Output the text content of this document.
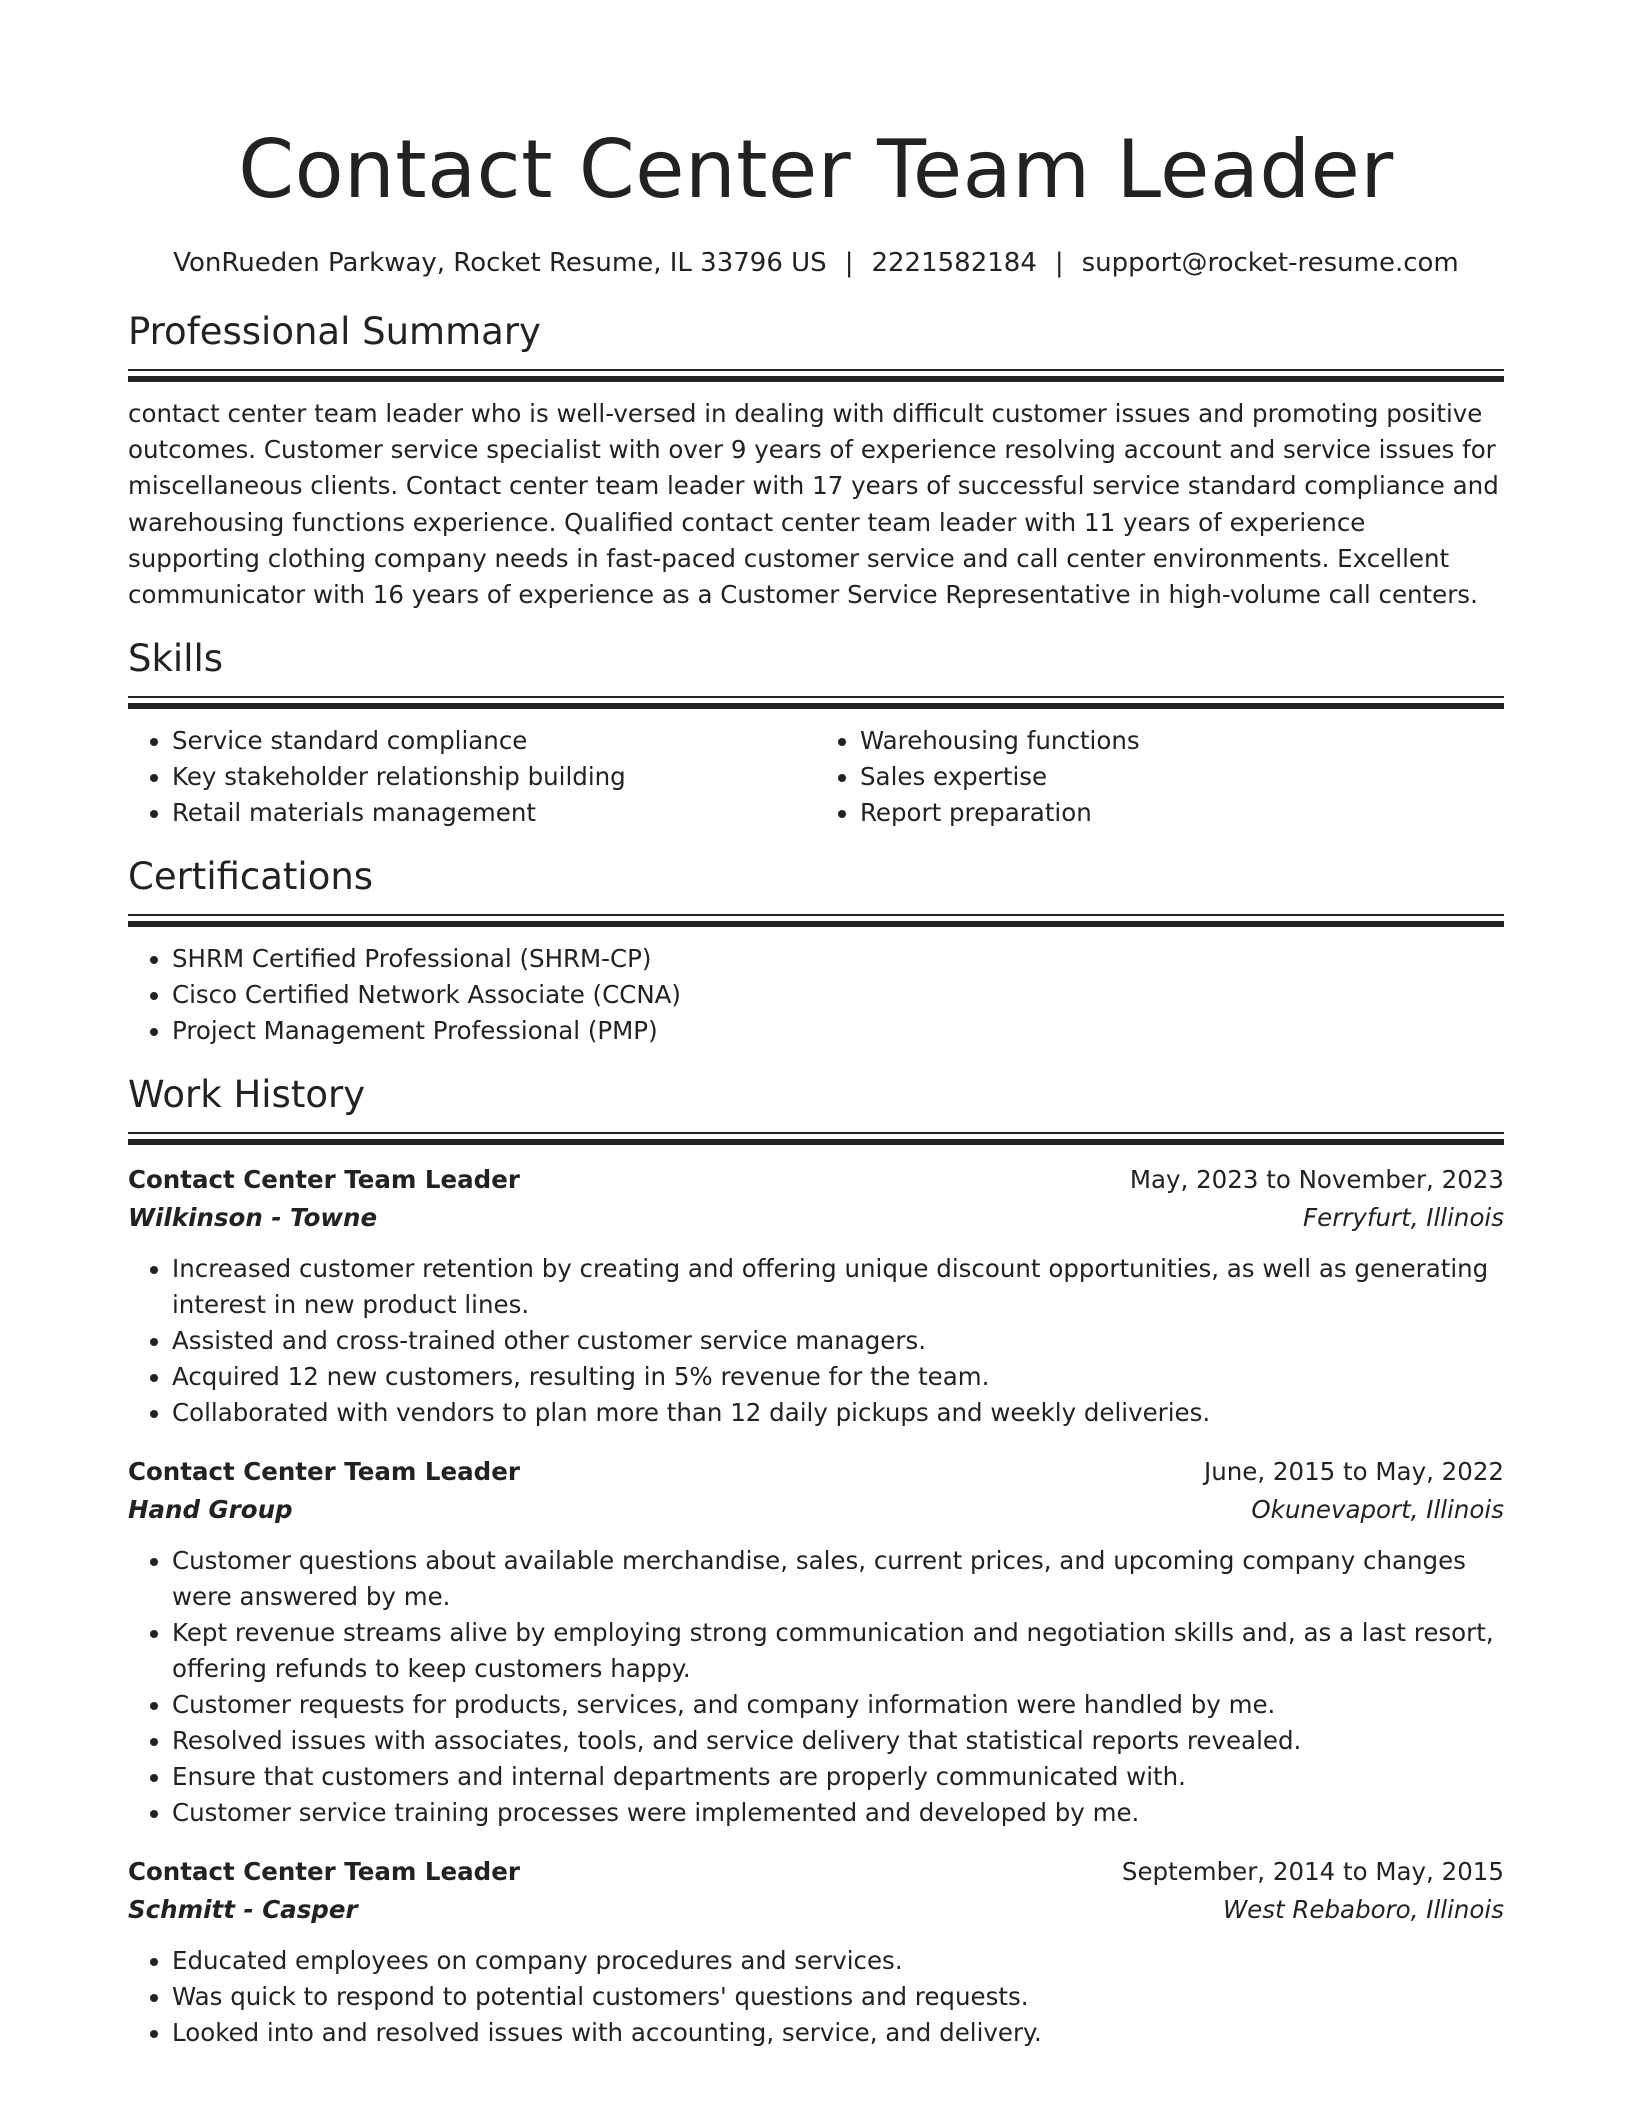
Contact Center Team Leader
VonRueden Parkway, Rocket Resume, IL 33796 US | 2221582184 | support@rocket-resume.com
Professional Summary

contact center team leader who is well-versed in dealing with difficult customer issues and promoting positive outcomes. Customer service specialist with over 9 years of experience resolving account and service issues for miscellaneous clients. Contact center team leader with 17 years of successful service standard compliance and warehousing functions experience. Qualified contact center team leader with 11 years of experience supporting clothing company needs in fast-paced customer service and call center environments. Excellent communicator with 16 years of experience as a Customer Service Representative in high-volume call centers.

Skills
• Service standard compliance
• Key stakeholder relationship building
• Retail materials management
• Warehousing functions
• Sales expertise
• Report preparation
Certifications
• SHRM Certified Professional (SHRM-CP)
• Cisco Certified Network Associate (CCNA)
• Project Management Professional (PMP)
Work History
Contact Center Team Leader	May, 2023 to November, 2023
Wilkinson - Towne	Ferryfurt, Illinois
• Increased customer retention by creating and offering unique discount opportunities, as well as generating interest in new product lines.
• Assisted and cross-trained other customer service managers.
• Acquired 12 new customers, resulting in 5% revenue for the team.
• Collaborated with vendors to plan more than 12 daily pickups and weekly deliveries.
Contact Center Team Leader	June, 2015 to May, 2022
Hand Group	Okunevaport, Illinois
• Customer questions about available merchandise, sales, current prices, and upcoming company changes were answered by me.
• Kept revenue streams alive by employing strong communication and negotiation skills and, as a last resort, offering refunds to keep customers happy.
• Customer requests for products, services, and company information were handled by me.
• Resolved issues with associates, tools, and service delivery that statistical reports revealed.
• Ensure that customers and internal departments are properly communicated with.
• Customer service training processes were implemented and developed by me.
Contact Center Team Leader	September, 2014 to May, 2015
Schmitt - Casper	West Rebaboro, Illinois
• Educated employees on company procedures and services.
• Was quick to respond to potential customers' questions and requests.
• Looked into and resolved issues with accounting, service, and delivery.
